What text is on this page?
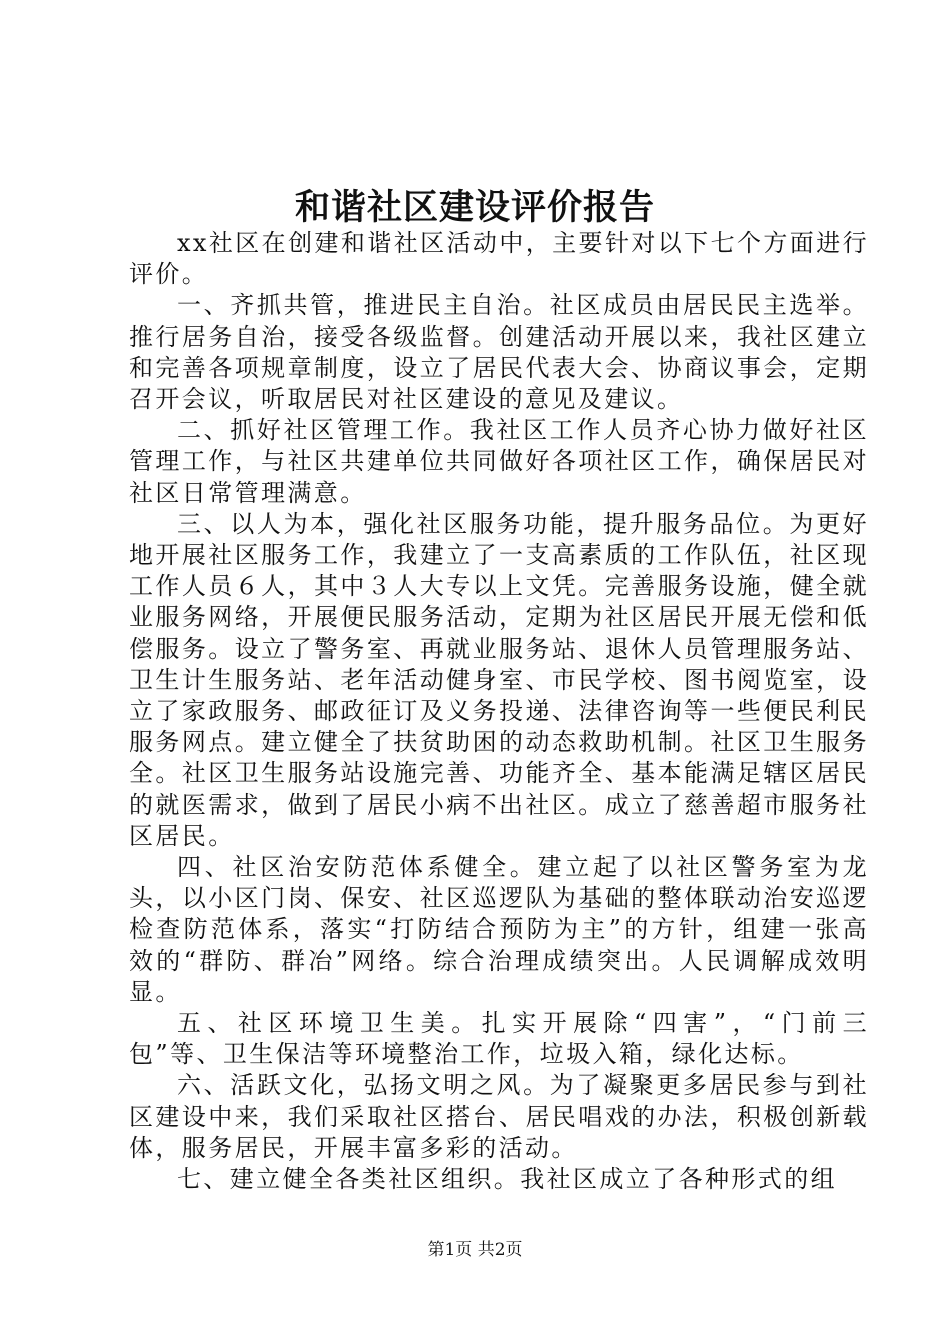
和谐社区建设评价报告

xx社区在创建和谐社区活动中，主要针对以下七个方面进行评价。

一、齐抓共管，推进民主自治。社区成员由居民民主选举。推行居务自治，接受各级监督。创建活动开展以来，我社区建立和完善各项规章制度，设立了居民代表大会、协商议事会，定期召开会议，听取居民对社区建设的意见及建议。

二、抓好社区管理工作。我社区工作人员齐心协力做好社区管理工作，与社区共建单位共同做好各项社区工作，确保居民对社区日常管理满意。

三、以人为本，强化社区服务功能，提升服务品位。为更好地开展社区服务工作，我建立了一支高素质的工作队伍，社区现工作人员６人，其中３人大专以上文凭。完善服务设施，健全就业服务网络，开展便民服务活动，定期为社区居民开展无偿和低偿服务。设立了警务室、再就业服务站、退休人员管理服务站、卫生计生服务站、老年活动健身室、市民学校、图书阅览室，设立了家政服务、邮政征订及义务投递、法律咨询等一些便民利民服务网点。建立健全了扶贫助困的动态救助机制。社区卫生服务全。社区卫生服务站设施完善、功能齐全、基本能满足辖区居民的就医需求，做到了居民小病不出社区。成立了慈善超市服务社区居民。

四、社区治安防范体系健全。建立起了以社区警务室为龙头，以小区门岗、保安、社区巡逻队为基础的整体联动治安巡逻检查防范体系，落实“打防结合预防为主”的方针，组建一张高效的“群防、群冶”网络。综合治理成绩突出。人民调解成效明显。

五、社区环境卫生美。扎实开展除“四害”，“门前三包”等、卫生保洁等环境整治工作，垃圾入箱，绿化达标。

六、活跃文化，弘扬文明之风。为了凝聚更多居民参与到社区建设中来，我们采取社区搭台、居民唱戏的办法，积极创新载体，服务居民，开展丰富多彩的活动。

七、建立健全各类社区组织。我社区成立了各种形式的组

第1页 共2页
